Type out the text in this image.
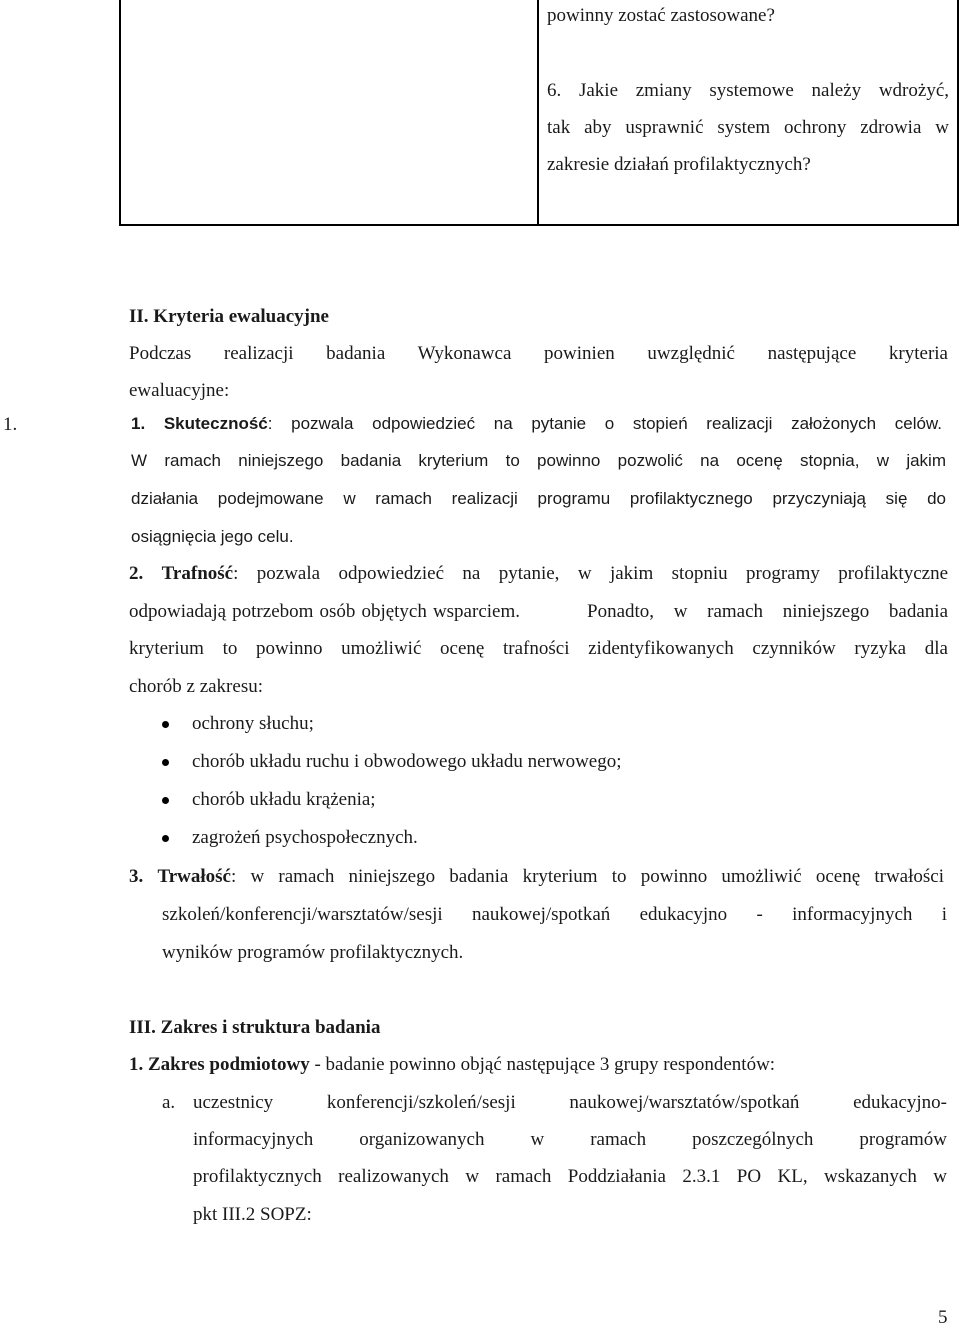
powinny zostać zastosowane?
6. Jakie zmiany systemowe należy wdrożyć,
tak aby usprawnić system ochrony zdrowia w
zakresie działań profilaktycznych?
II. Kryteria ewaluacyjne
Podczas realizacji badania Wykonawca powinien uwzględnić następujące kryteria
ewaluacyjne:
1.	1. Skuteczność: pozwala odpowiedzieć na pytanie o stopień realizacji założonych celów.
W ramach niniejszego badania kryterium to powinno pozwolić na ocenę stopnia, w jakim
działania podejmowane w ramach realizacji programu profilaktycznego przyczyniają się do
osiągnięcia jego celu.
2. Trafność: pozwala odpowiedzieć na pytanie, w jakim stopniu programy profilaktyczne
odpowiadają potrzebom osób objętych wsparciem.	Ponadto, w ramach niniejszego badania
kryterium to powinno umożliwić ocenę trafności zidentyfikowanych czynników ryzyka dla
chorób z zakresu:
ochrony słuchu;
chorób układu ruchu i obwodowego układu nerwowego;
chorób układu krążenia;
zagrożeń psychospołecznych.
3. Trwałość: w ramach niniejszego badania kryterium to powinno umożliwić ocenę trwałości
szkoleń/konferencji/warsztatów/sesji naukowej/spotkań edukacyjno - informacyjnych i
wyników programów profilaktycznych.
III. Zakres i struktura badania
1. Zakres podmiotowy - badanie powinno objąć następujące 3 grupy respondentów:
a. uczestnicy konferencji/szkoleń/sesji naukowej/warsztatów/spotkań edukacyjno-
informacyjnych organizowanych w ramach poszczególnych programów
profilaktycznych realizowanych w ramach Poddziałania 2.3.1 PO KL, wskazanych w
pkt III.2 SOPZ:
5
